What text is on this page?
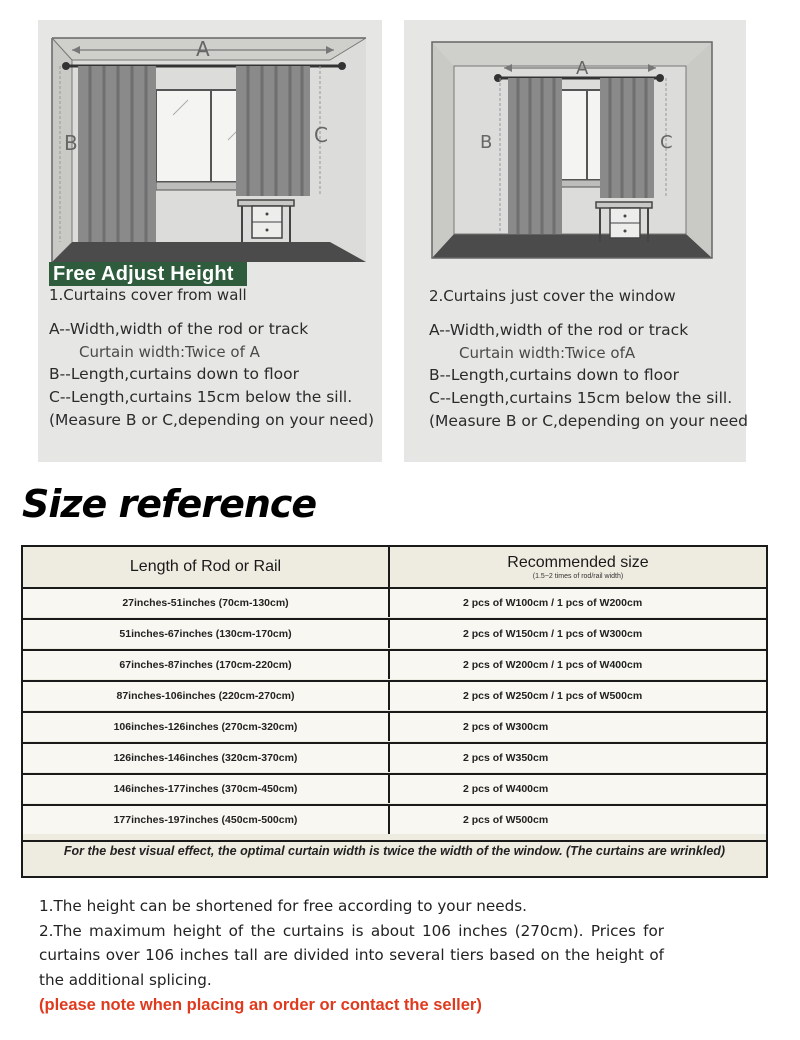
A
B	C
Free Adjust Height
1.Curtains cover from wall
A--Width,width of the rod or track
Curtain width:Twice of A
B--Length,curtains down to floor
C--Length,curtains 15cm below the sill.
(Measure B or C,depending on your need)
A
B	C
2.Curtains just cover the window
A--Width,width of the rod or track
Curtain width:Twice ofA
B--Length,curtains down to floor
C--Length,curtains 15cm below the sill.
(Measure B or C,depending on your need
Size reference
Length of Rod or Rail	Recommended size
(1.5~2 times of rod/rail width)
27inches-51inches (70cm-130cm)	2 pcs of W100cm / 1 pcs of W200cm
51inches-67inches (130cm-170cm)	2 pcs of W150cm / 1 pcs of W300cm
67inches-87inches (170cm-220cm)	2 pcs of W200cm / 1 pcs of W400cm
87inches-106inches (220cm-270cm)	2 pcs of W250cm / 1 pcs of W500cm
106inches-126inches (270cm-320cm)	2 pcs of W300cm
126inches-146inches (320cm-370cm)	2 pcs of W350cm
146inches-177inches (370cm-450cm)	2 pcs of W400cm
177inches-197inches (450cm-500cm)	2 pcs of W500cm
For the best visual effect, the optimal curtain width is twice the width of the window. (The curtains are wrinkled)
1.The height can be shortened for free according to your needs.
2.The maximum height of the curtains is about 106 inches (270cm). Prices for curtains over 106 inches tall are divided into several tiers based on the height of the additional splicing.
(please note when placing an order or contact the seller)
